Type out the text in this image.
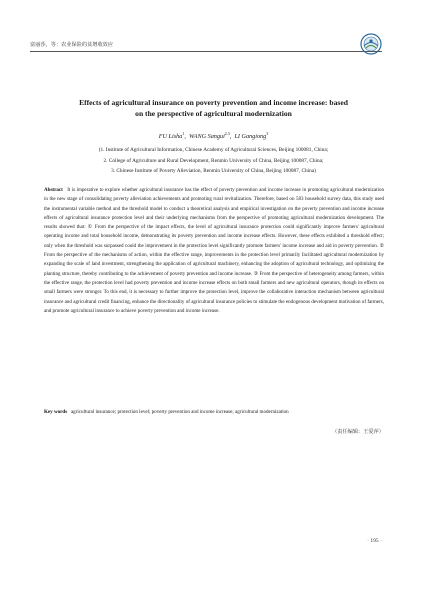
富丽莎，等：农业保险的贫增收效应
Effects of agricultural insurance on poverty prevention and income increase: based
on the perspective of agricultural modernization
FU Lisha$^1$,  WANG Sangui$^{2,3}$,  LI Gangiong$^3$
(1. Institute of Agricultural Information, Chinese Academy of Agricultural Sciences, Beijing 100081, China;
2. College of Agriculture and Rural Development, Renmin University of China, Beijing 100087, China;
3. Chinese Institute of Poverty Alleviation, Renmin University of China, Beijing 100087, China)
Abstract It is imperative to explore whether agricultural insurance has the effect of poverty prevention and income increase in promoting agricultural modernization in the new stage of consolidating poverty alleviation achievements and promoting rural revitalization. Therefore, based on 583 household survey data, this study used the instrumental variable method and the threshold model to conduct a theoretical analysis and empirical investigation on the poverty prevention and income increase effects of agricultural insurance protection level and their underlying mechanisms from the perspective of promoting agricultural modernization development. The results showed that: ① From the perspective of the impact effects, the level of agricultural insurance protection could significantly improve farmers' agricultural operating income and total household income, demonstrating its poverty prevention and income increase effects. However, these effects exhibited a threshold effect; only when the threshold was surpassed could the improvement in the protection level significantly promote farmers' income increase and aid in poverty prevention. ② From the perspective of the mechanisms of action, within the effective range, improvements in the protection level primarily facilitated agricultural modernization by expanding the scale of land investment, strengthening the application of agricultural machinery, enhancing the adoption of agricultural technology, and optimizing the planting structure, thereby contributing to the achievement of poverty prevention and income increase. ③ From the perspective of heterogeneity among farmers, within the effective range, the protection level had poverty prevention and income increase effects on both small farmers and new agricultural operators, though its effects on small farmers were stronger. To this end, it is necessary to further improve the protection level, improve the collaborative interaction mechanism between agricultural insurance and agricultural credit financing, enhance the directionality of agricultural insurance policies to stimulate the endogenous development motivation of farmers, and promote agricultural insurance to achieve poverty prevention and income increase.
Key words agricultural insurance; protection level; poverty prevention and income increase; agricultural modernization
（责任编辑：王爱萍）
· 195 ·
